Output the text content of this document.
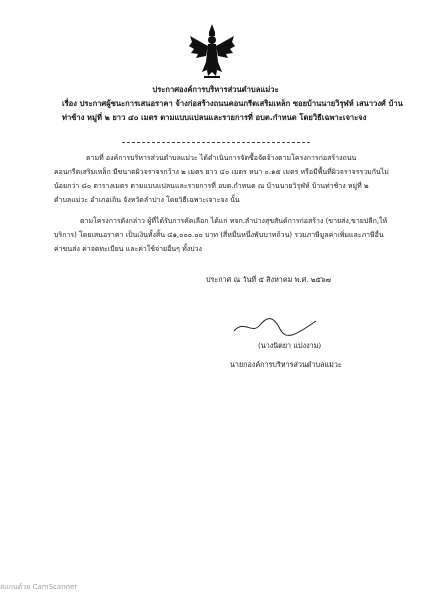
ประกาศองค์การบริหารส่วนตำบลแม่วะ
เรื่อง ประกาศผู้ชนะการเสนอราคา จ้างก่อสร้างถนนคอนกรีตเสริมเหล็ก ซอยบ้านนายวิรุฬห์ เสนาวงศ์ บ้าน
ท่าช้าง หมู่ที่ ๒ ยาว ๔๐ เมตร ตามแบบแปลนและรายการที่ อบต.กำหนด โดยวิธีเฉพาะเจาะจง
ตามที่ องค์การบริหารส่วนตำบลแม่วะ ได้ดำเนินการจัดซื้อจัดจ้างตามโครงการก่อสร้างถนน
คอนกรีตเสริมเหล็ก มีขนาดผิวจราจรกว้าง ๒ เมตร ยาว ๔๐ เมตร หนา ๐.๑๕ เมตร หรือมีพื้นที่ผิวจราจรรวมกันไม่
น้อยกว่า ๘๐ ตารางเมตร ตามแบบแปลนและรายการที่ อบต.กำหนด ณ บ้านนายวิรุฬห์ บ้านท่าช้าง หมู่ที่ ๒
ตำบลแม่วะ อำเภอเถิน จังหวัดลำปาง โดยวิธีเฉพาะเจาะจง นั้น
ตามโครงการดังกล่าว ผู้ที่ได้รับการคัดเลือก ได้แก่ หจก.ลำปางสุขสันต์การก่อสร้าง (ขายส่ง,ขายปลีก,ให้
บริการ) โดยเสนอราคา เป็นเงินทั้งสิ้น ๔๑,๐๐๐.๐๐ บาท (สี่หมื่นหนึ่งพันบาทถ้วน) รวมภาษีมูลค่าเพิ่มและภาษีอื่น
ค่าขนส่ง ค่าจดทะเบียน และค่าใช้จ่ายอื่นๆ ทั้งปวง
ประกาศ ณ วันที่ ๕ สิงหาคม พ.ศ. ๒๕๖๗
(นางนิตยา แปงงาม)
นายกองค์การบริหารส่วนตำบลแม่วะ
สแกนด้วย CamScanner
